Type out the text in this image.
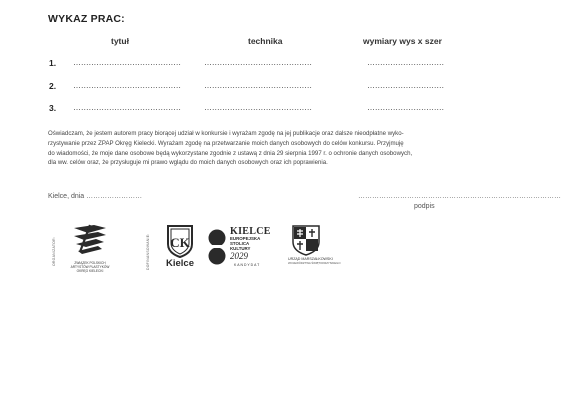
WYKAZ PRAC:
tytuł	technika	wymiary wys x szer
1. ……………………………………	……………………………………	…………………………
2. ……………………………………	……………………………………	…………………………
3. ……………………………………	……………………………………	…………………………

Oświadczam, że jestem autorem pracy biorącej udział w konkursie i wyrażam zgodę na jej publikacje oraz dalsze nieodpłatne wyko-

rzystywanie przez ZPAP Okręg Kielecki. Wyrażam zgodę na przetwarzanie moich danych osobowych do celów konkursu. Przyjmuję

do wiadomości, że moje dane osobowe będą wykorzystane zgodnie z ustawą z dnia 29 sierpnia 1997 r. o ochronie danych osobowych,

dla ww. celów oraz, że przysługuje mi prawo wglądu do moich danych osobowych oraz ich poprawienia.

Kielce, dnia ……………………	……………………………………………………………………………
podpis
ORGANIZATOR:	ZWIĄZEK POLSKICH
ARTYSTÓW PLASTYKÓW
OKRĘG KIELECKI
DOFINANSOWANIE: CK
Kielce
KIELCE
EUROPEJSKA
STOLICA
KULTURY
2029
KANDYDAT
URZĄD MARSZAŁKOWSKI
WOJEWÓDZTWA ŚWIĘTOKRZYSKIEGO
